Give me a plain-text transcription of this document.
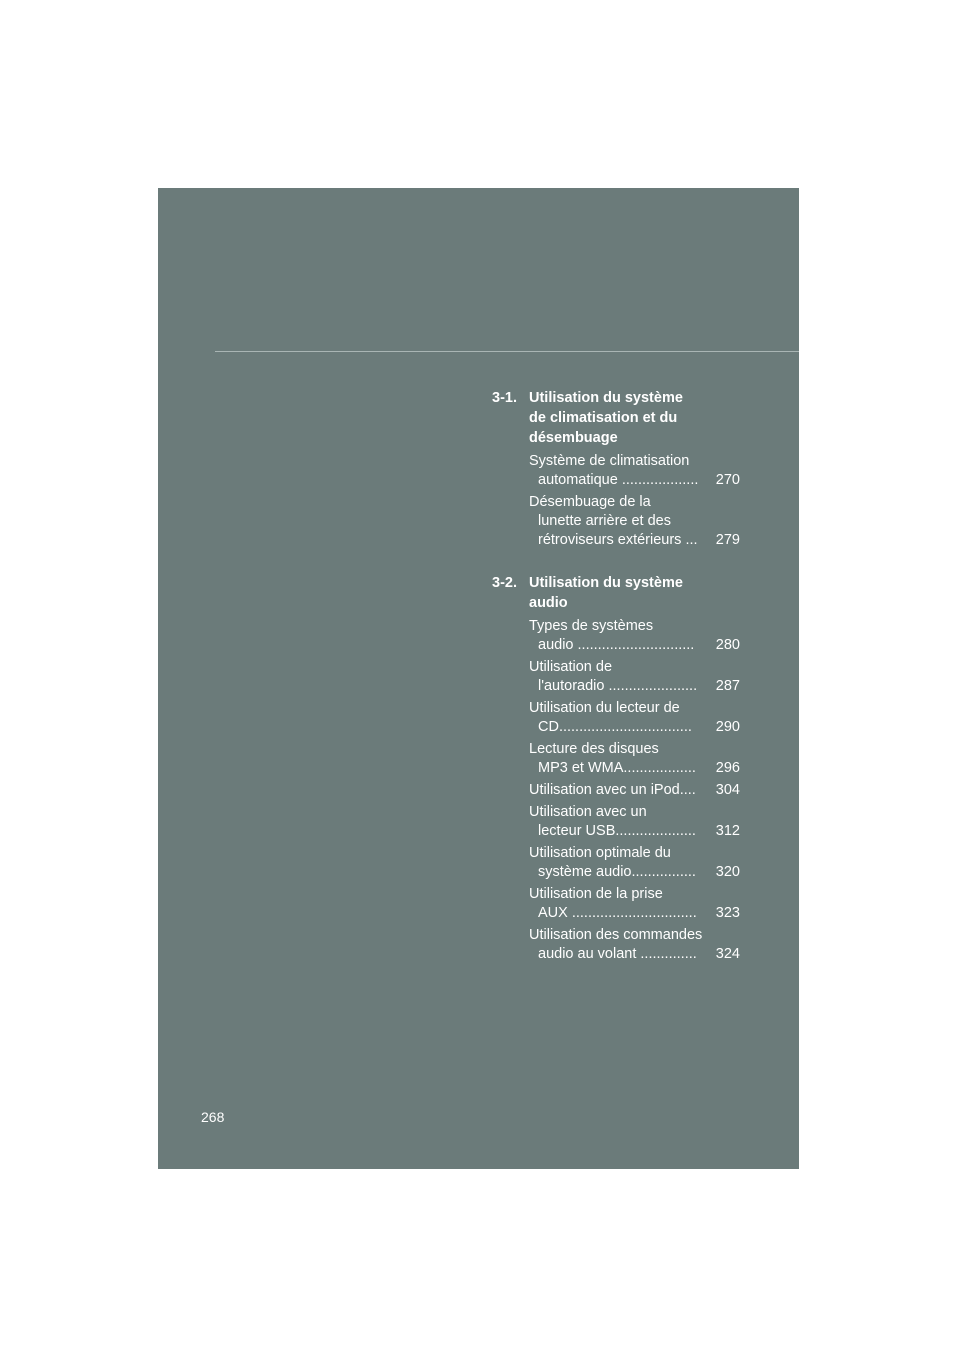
3-1. Utilisation du système
de climatisation et du
désembuage
Système de climatisation
automatique ................... 270
Désembuage de la
lunette arrière et des
rétroviseurs extérieurs ... 279
3-2. Utilisation du système
audio
Types de systèmes
audio ............................. 280
Utilisation de
l'autoradio ...................... 287
Utilisation du lecteur de
CD................................. 290
Lecture des disques
MP3 et WMA.................. 296
Utilisation avec un iPod.... 304
Utilisation avec un
lecteur USB.................... 312
Utilisation optimale du
système audio................ 320
Utilisation de la prise
AUX ............................... 323
Utilisation des commandes
audio au volant .............. 324
268
